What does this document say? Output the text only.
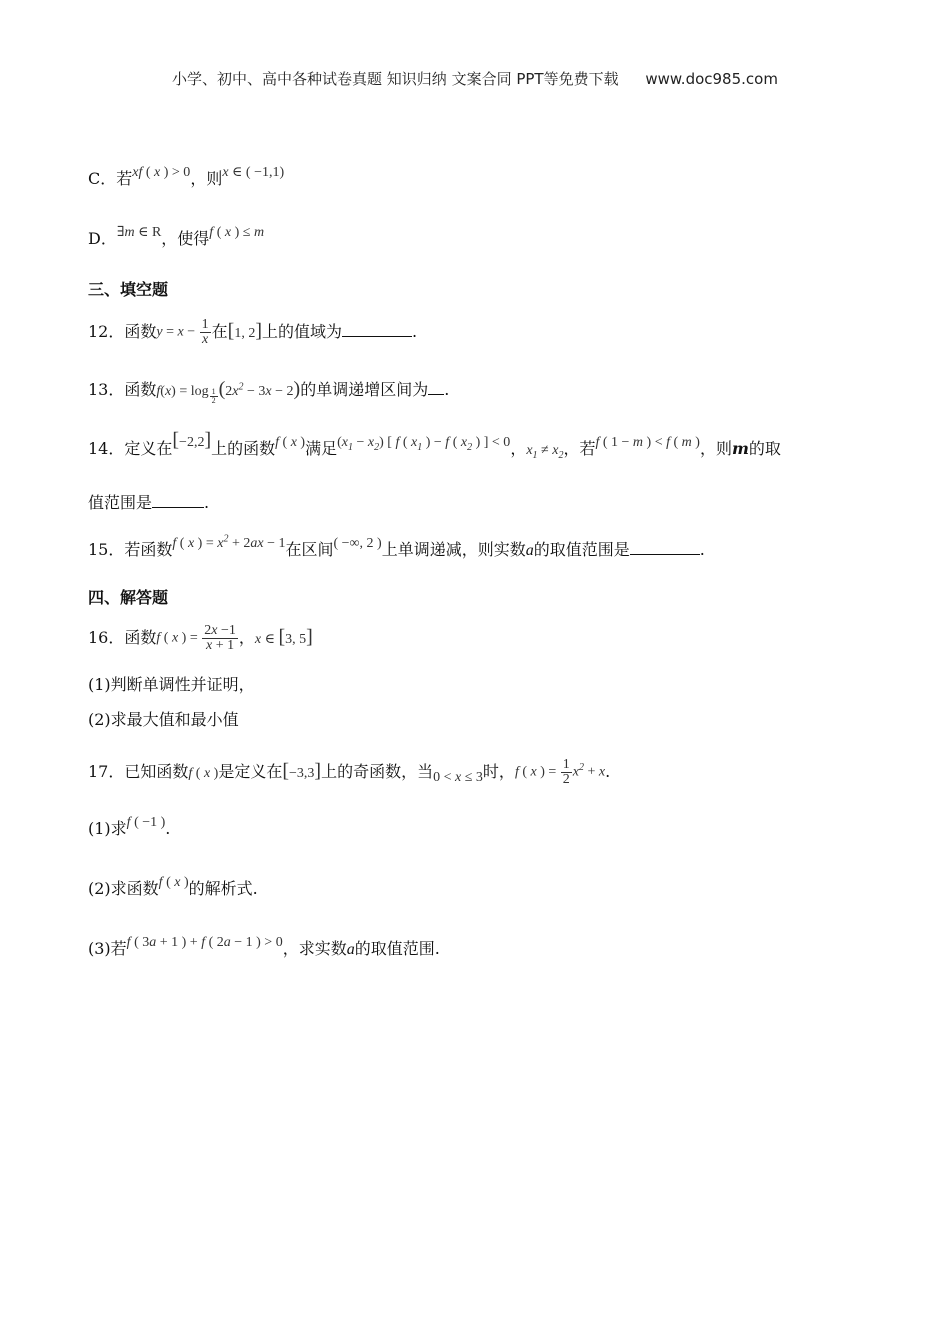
小学、初中、高中各种试卷真题 知识归纳 文案合同 PPT等免费下载 www.doc985.com
C．若xf ( x ) > 0，则x ∈ ( −1,1)
D．∃m ∈ R，使得f ( x ) ≤ m
三、填空题
12．函数$y = x - \frac{1}{x}$ 在[1, 2]上的值域为	.
13．函数f(x) = log $_{\frac{1}{2}}$ $(2x^2 - 3x - 2)$的单调递增区间为 .
14．定义在[−2,2]上的函数f ( x )满足$(x_1 - x_2)$ [ f ( $x_1$ ) − f ( $x_2$ ) ] < 0，$x_1 \ne x_2$，若f ( 1 − m ) < f ( m )，则m的取
值范围是	.
15．若函数f ( x ) = $x^2 + 2ax - 1$在区间( −∞, 2 )上单调递减，则实数a的取值范围是	.
四、解答题
16．函数f ( x ) = $\frac{2x -1}{x + 1}$ ，x ∈ [3, 5]
(1)判断单调性并证明，
(2)求最大值和最小值
17．已知函数f ( x )是定义在[−3,3]上的奇函数，当0 < x ≤ 3时，f ( x ) = $\frac{1}{2} x^2 + x$.
(1)求f ( −1 ).
(2)求函数f ( x )的解析式.
(3)若f ( 3a + 1 ) + f ( 2a − 1 ) > 0，求实数a的取值范围.
